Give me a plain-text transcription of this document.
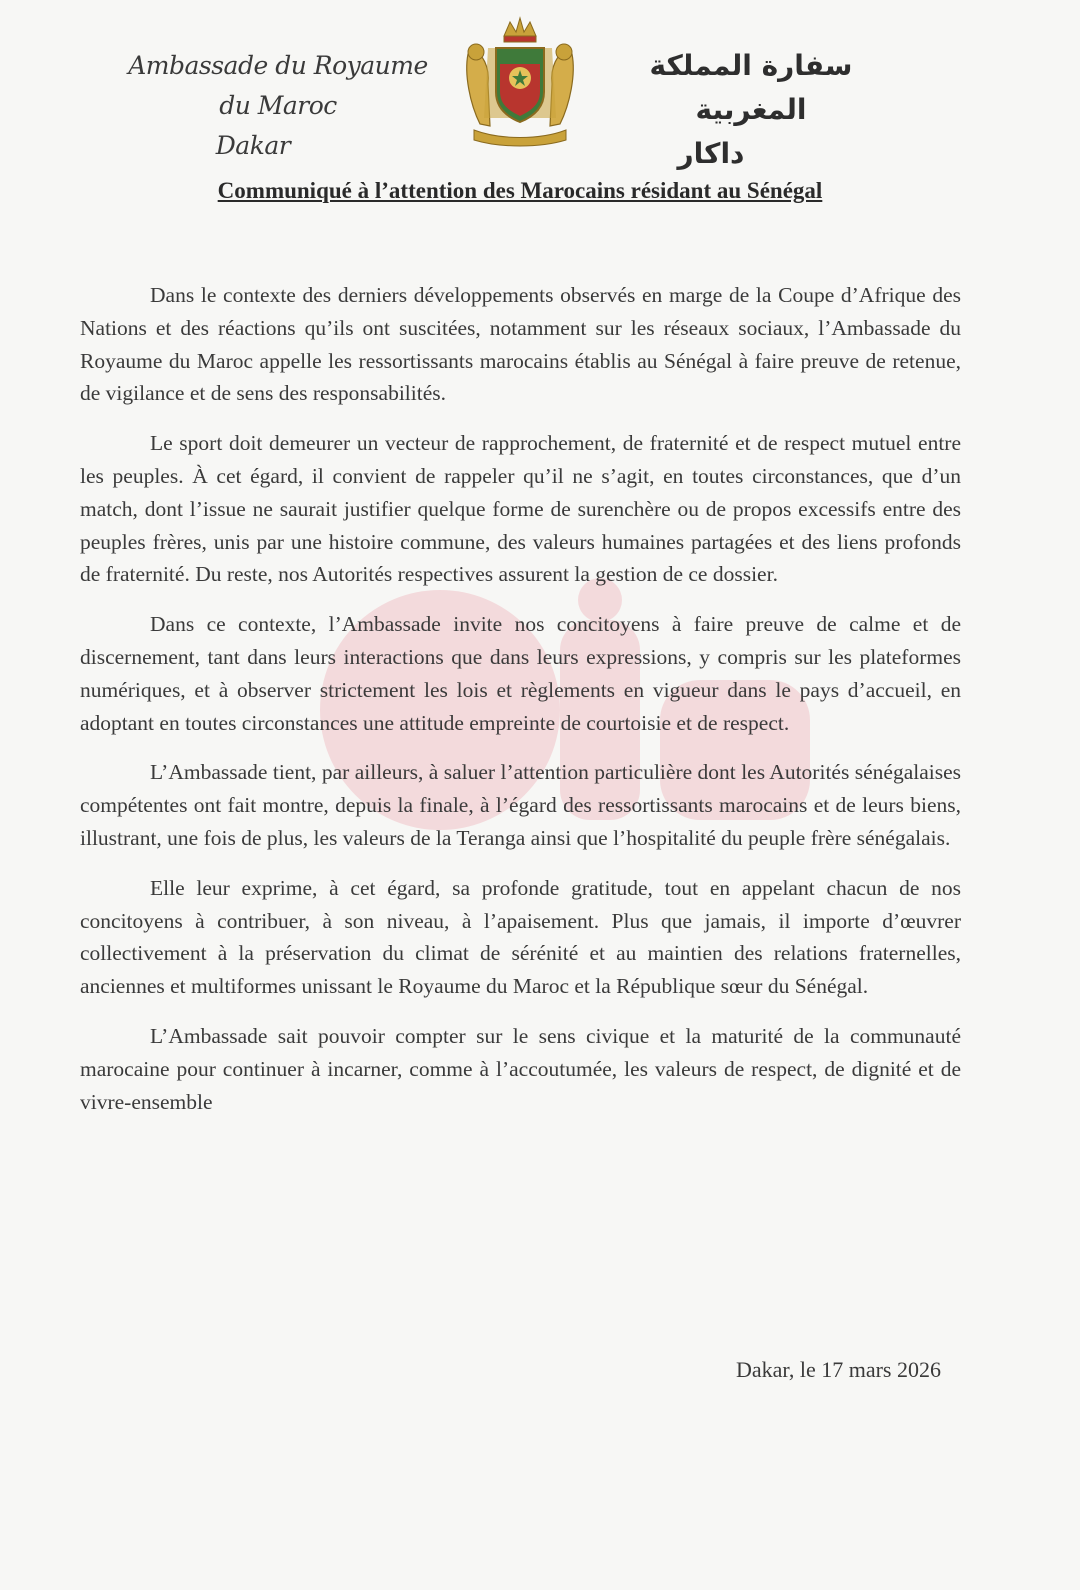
Ambassade du Royaume du Maroc
Dakar
سفارة المملكة المغربية
داكار
Communiqué à l’attention des Marocains résidant au Sénégal

Dans le contexte des derniers développements observés en marge de la Coupe d’Afrique des Nations et des réactions qu’ils ont suscitées, notamment sur les réseaux sociaux, l’Ambassade du Royaume du Maroc appelle les ressortissants marocains établis au Sénégal à faire preuve de retenue, de vigilance et de sens des responsabilités.

Le sport doit demeurer un vecteur de rapprochement, de fraternité et de respect mutuel entre les peuples. À cet égard, il convient de rappeler qu’il ne s’agit, en toutes circonstances, que d’un match, dont l’issue ne saurait justifier quelque forme de surenchère ou de propos excessifs entre des peuples frères, unis par une histoire commune, des valeurs humaines partagées et des liens profonds de fraternité. Du reste, nos Autorités respectives assurent la gestion de ce dossier.

Dans ce contexte, l’Ambassade invite nos concitoyens à faire preuve de calme et de discernement, tant dans leurs interactions que dans leurs expressions, y compris sur les plateformes numériques, et à observer strictement les lois et règlements en vigueur dans le pays d’accueil, en adoptant en toutes circonstances une attitude empreinte de courtoisie et de respect.

L’Ambassade tient, par ailleurs, à saluer l’attention particulière dont les Autorités sénégalaises compétentes ont fait montre, depuis la finale, à l’égard des ressortissants marocains et de leurs biens, illustrant, une fois de plus, les valeurs de la Teranga ainsi que l’hospitalité du peuple frère sénégalais.

Elle leur exprime, à cet égard, sa profonde gratitude, tout en appelant chacun de nos concitoyens à contribuer, à son niveau, à l’apaisement. Plus que jamais, il importe d’œuvrer collectivement à la préservation du climat de sérénité et au maintien des relations fraternelles, anciennes et multiformes unissant le Royaume du Maroc et la République sœur du Sénégal.

L’Ambassade sait pouvoir compter sur le sens civique et la maturité de la communauté marocaine pour continuer à incarner, comme à l’accoutumée, les valeurs de respect, de dignité et de vivre-ensemble

Dakar, le 17 mars 2026
